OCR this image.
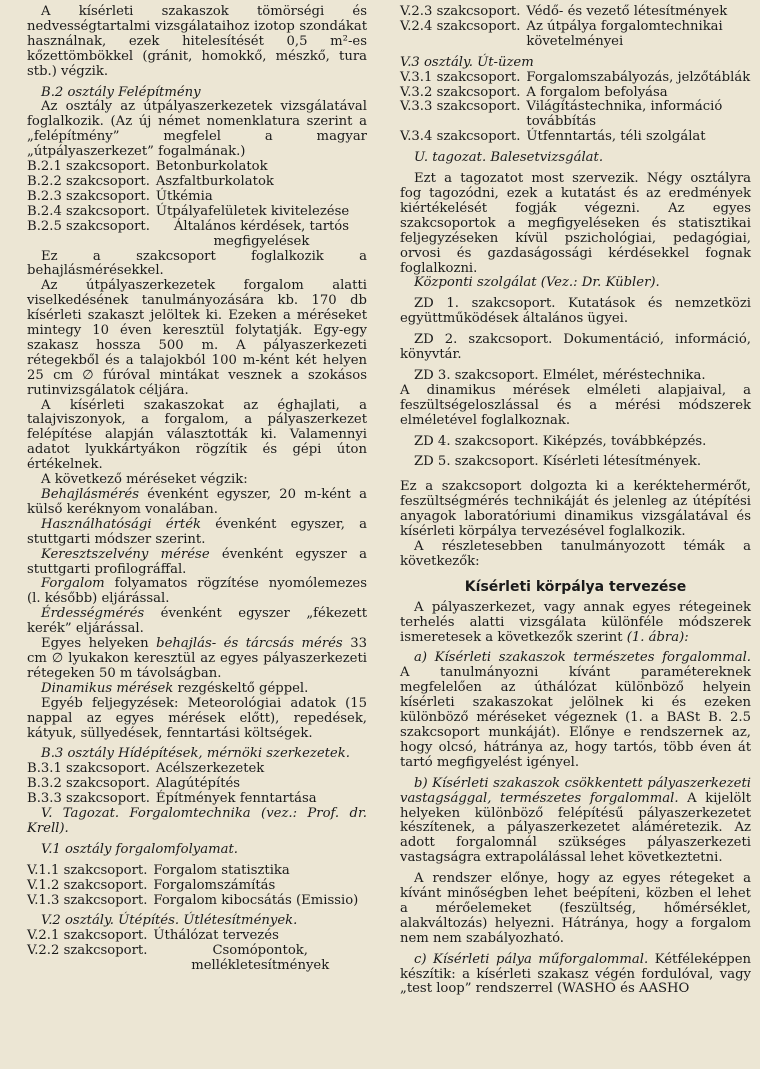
A kísérleti szakaszok tömörségi és nedvességtartalmi vizsgálataihoz izotop szondákat használnak, ezek hitelesítését 0,5 m²-es kőzettömbökkel (gránit, homokkő, mészkő, tura stb.) végzik.

B.2 osztály Felépítmény

Az osztály az útpályaszerkezetek vizsgálatával foglalkozik. (Az új német nomenklatura szerint a „felépítmény” megfelel a magyar „útpályaszerkezet” fogalmának.)

B.2.1 szakcsoport. Betonburkolatok
B.2.2 szakcsoport. Aszfaltburkolatok
B.2.3 szakcsoport. Útkémia
B.2.4 szakcsoport. Útpályafelületek kivitelezése
B.2.5 szakcsoport.	Általános kérdések, tartós megfigyelések

Ez a szakcsoport foglalkozik a behajlásmérésekkel.

Az útpályaszerkezetek forgalom alatti viselkedésének tanulmányozására kb. 170 db kísérleti szakaszt jelöltek ki. Ezeken a méréseket mintegy 10 éven keresztül folytatják. Egy-egy szakasz hossza 500 m. A pályaszerkezeti rétegekből és a talajokból 100 m-ként két helyen 25 cm ∅ fúróval mintákat vesznek a szokásos rutinvizsgálatok céljára.

A kísérleti szakaszokat az éghajlati, a talajviszonyok, a forgalom, a pályaszerkezet felépítése alapján választották ki. Valamennyi adatot lyukkártyákon rögzítik és gépi úton értékelnek.

A következő méréseket végzik:

Behajlásmérés évenként egyszer, 20 m-ként a külső keréknyom vonalában.

Használhatósági érték évenként egyszer, a stuttgarti módszer szerint.

Keresztszelvény mérése évenként egyszer a stuttgarti profilográffal.

Forgalom folyamatos rögzítése nyomólemezes (l. később) eljárással.

Érdességmérés évenként egyszer „fékezett kerék” eljárással.

Egyes helyeken behajlás- és tárcsás mérés 33 cm ∅ lyukakon keresztül az egyes pályaszerkezeti rétegeken 50 m távolságban.

Dinamikus mérések rezgéskeltő géppel.

Egyéb feljegyzések: Meteorológiai adatok (15 nappal az egyes mérések előtt), repedések, kátyuk, süllyedések, fenntartási költségek.

B.3 osztály Hídépítések, mérnöki szerkezetek.

B.3.1 szakcsoport. Acélszerkezetek
B.3.2 szakcsoport. Alagútépítés
B.3.3 szakcsoport. Építmények fenntartása

V. Tagozat. Forgalomtechnika (vez.: Prof. dr. Krell).

V.1 osztály forgalomfolyamat.

V.1.1 szakcsoport. Forgalom statisztika
V.1.2 szakcsoport. Forgalomszámítás
V.1.3 szakcsoport. Forgalom kibocsátás (Emissio)

V.2 osztály. Útépítés. Útlétesítmények.

V.2.1 szakcsoport. Úthálózat tervezés
V.2.2 szakcsoport.	Csomópontok, mellékletesítmények
V.2.3 szakcsoport. Védő- és vezető létesítmények
V.2.4 szakcsoport. Az útpálya forgalomtechnikai követelményei

V.3 osztály. Út-üzem

V.3.1 szakcsoport. Forgalomszabályozás, jelzőtáblák
V.3.2 szakcsoport. A forgalom befolyása
V.3.3 szakcsoport. Világítástechnika, információ továbbítás
V.3.4 szakcsoport. Útfenntartás, téli szolgálat

U. tagozat. Balesetvizsgálat.

Ezt a tagozatot most szervezik. Négy osztályra fog tagozódni, ezek a kutatást és az eredmények kiértékelését fogják végezni. Az egyes szakcsoportok a megfigyeléseken és statisztikai feljegyzéseken kívül pszichológiai, pedagógiai, orvosi és gazdaságossági kérdésekkel fognak foglalkozni.

Központi szolgálat (Vez.: Dr. Kübler).

ZD 1. szakcsoport. Kutatások és nemzetközi együttműködések általános ügyei.

ZD 2. szakcsoport. Dokumentáció, információ, könyvtár.

ZD 3. szakcsoport. Elmélet, méréstechnika.

A dinamikus mérések elméleti alapjaival, a feszültségeloszlással és a mérési módszerek elméletével foglalkoznak.

ZD 4. szakcsoport. Kiképzés, továbbképzés.

ZD 5. szakcsoport. Kísérleti létesítmények.

Ez a szakcsoport dolgozta ki a keréktehermérőt, feszültségmérés technikáját és jelenleg az útépítési anyagok laboratóriumi dinamikus vizsgálatával és kísérleti körpálya tervezésével foglalkozik.

A részletesebben tanulmányozott témák a következők:

Kísérleti körpálya tervezése

A pályaszerkezet, vagy annak egyes rétegeinek terhelés alatti vizsgálata különféle módszerek ismeretesek a következők szerint (1. ábra):

a) Kísérleti szakaszok természetes forgalommal. A tanulmányozni kívánt paramétereknek megfelelően az úthálózat különböző helyein kísérleti szakaszokat jelölnek ki és ezeken különböző méréseket végeznek (1. a BASt B. 2.5 szakcsoport munkáját). Előnye e rendszernek az, hogy olcsó, hátránya az, hogy tartós, több éven át tartó megfigyelést igényel.

b) Kísérleti szakaszok csökkentett pályaszerkezeti vastagsággal, természetes forgalommal. A kijelölt helyeken különböző felépítésű pályaszerkezetet készítenek, a pályaszerkezetet aláméretezik. Az adott forgalomnál szükséges pályaszerkezeti vastagságra extrapolálással lehet következtetni.

A rendszer előnye, hogy az egyes rétegeket a kívánt minőségben lehet beépíteni, közben el lehet a mérőelemeket (feszültség, hőmérséklet, alakváltozás) helyezni. Hátránya, hogy a forgalom nem nem szabályozható.

c) Kísérleti pálya műforgalommal. Kétféleképpen készítik: a kísérleti szakasz végén fordulóval, vagy „test loop” rendszerrel (WASHO és AASHO
